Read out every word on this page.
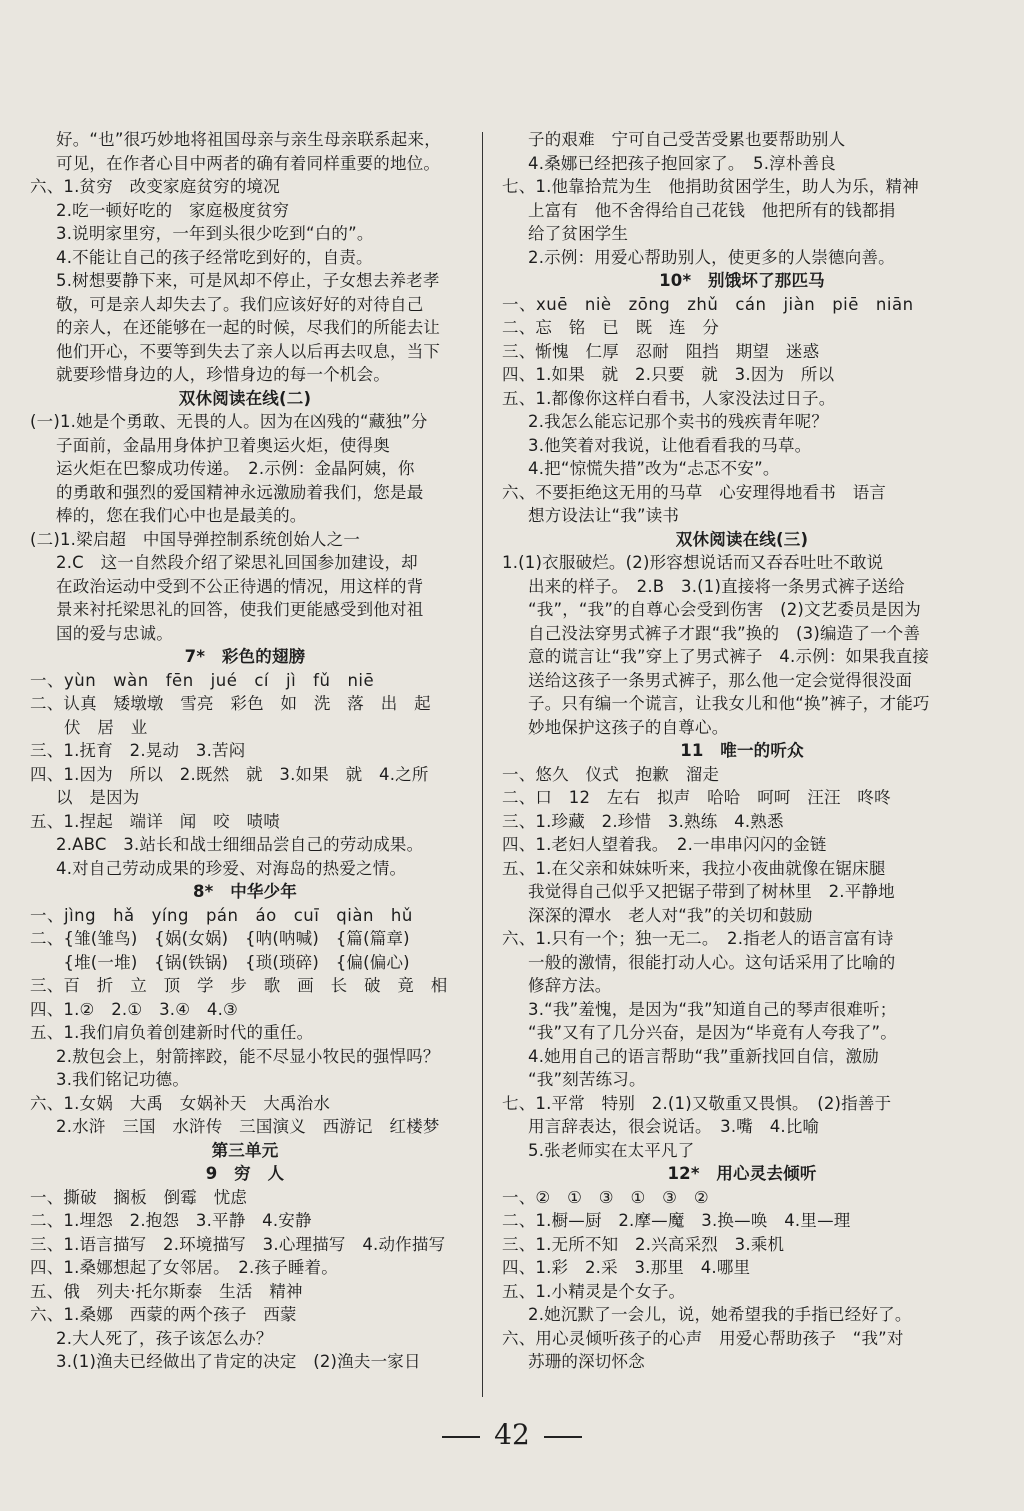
好。“也”很巧妙地将祖国母亲与亲生母亲联系起来，
可见，在作者心目中两者的确有着同样重要的地位。
六、1.贫穷　改变家庭贫穷的境况
2.吃一顿好吃的　家庭极度贫穷
3.说明家里穷，一年到头很少吃到“白的”。
4.不能让自己的孩子经常吃到好的，自责。
5.树想要静下来，可是风却不停止，子女想去养老孝
敬，可是亲人却失去了。我们应该好好的对待自己
的亲人，在还能够在一起的时候，尽我们的所能去让
他们开心，不要等到失去了亲人以后再去叹息，当下
就要珍惜身边的人，珍惜身边的每一个机会。
双休阅读在线(二)
(一)1.她是个勇敢、无畏的人。因为在凶残的“藏独”分
子面前，金晶用身体护卫着奥运火炬，使得奥
运火炬在巴黎成功传递。　2.示例：金晶阿姨，你
的勇敢和强烈的爱国精神永远激励着我们，您是最
棒的，您在我们心中也是最美的。
(二)1.梁启超　中国导弹控制系统创始人之一
2.C　这一自然段介绍了梁思礼回国参加建设，却
在政治运动中受到不公正待遇的情况，用这样的背
景来衬托梁思礼的回答，使我们更能感受到他对祖
国的爱与忠诚。
7*　彩色的翅膀
一、yùn　wàn　fēn　jué　cí　jì　fǔ　niē
二、认真　矮墩墩　雪亮　彩色　如　洗　落　出　起
伏　居　业
三、1.抚育　2.晃动　3.苦闷
四、1.因为　所以　2.既然　就　3.如果　就　4.之所
以　是因为
五、1.捏起　端详　闻　咬　啧啧
2.ABC　3.站长和战士细细品尝自己的劳动成果。
4.对自己劳动成果的珍爱、对海岛的热爱之情。
8*　中华少年
一、jìng　hǎ　yíng　pán　áo　cuī　qiàn　hǔ
二、{雏(雏鸟)　{娲(女娲)　{呐(呐喊)　{篇(篇章)
　　{堆(一堆)　{锅(铁锅)　{琐(琐碎)　{偏(偏心)
三、百　折　立　顶　学　步　歌　画　长　破　竟　相
四、1.②　2.①　3.④　4.③
五、1.我们肩负着创建新时代的重任。
2.敖包会上，射箭摔跤，能不尽显小牧民的强悍吗？
3.我们铭记功德。
六、1.女娲　大禹　女娲补天　大禹治水
2.水浒　三国　水浒传　三国演义　西游记　红楼梦
第三单元
9　穷　人
一、撕破　搁板　倒霉　忧虑
二、1.埋怨　2.抱怨　3.平静　4.安静
三、1.语言描写　2.环境描写　3.心理描写　4.动作描写
四、1.桑娜想起了女邻居。　2.孩子睡着。
五、俄　列夫·托尔斯泰　生活　精神
六、1.桑娜　西蒙的两个孩子　西蒙
2.大人死了，孩子该怎么办？
3.(1)渔夫已经做出了肯定的决定　(2)渔夫一家日
子的艰难　宁可自己受苦受累也要帮助别人
4.桑娜已经把孩子抱回家了。　5.淳朴善良
七、1.他靠拾荒为生　他捐助贫困学生，助人为乐，精神
上富有　他不舍得给自己花钱　他把所有的钱都捐
给了贫困学生
2.示例：用爱心帮助别人，使更多的人崇德向善。
10*　别饿坏了那匹马
一、xuē　niè　zōng　zhǔ　cán　jiàn　piē　niān
二、忘　铭　已　既　连　分
三、惭愧　仁厚　忍耐　阻挡　期望　迷惑
四、1.如果　就　2.只要　就　3.因为　所以
五、1.都像你这样白看书，人家没法过日子。
2.我怎么能忘记那个卖书的残疾青年呢？
3.他笑着对我说，让他看看我的马草。
4.把“惊慌失措”改为“忐忑不安”。
六、不要拒绝这无用的马草　心安理得地看书　语言
想方设法让“我”读书
双休阅读在线(三)
1.(1)衣服破烂。(2)形容想说话而又吞吞吐吐不敢说
出来的样子。　2.B　3.(1)直接将一条男式裤子送给
“我”，“我”的自尊心会受到伤害　(2)文艺委员是因为
自己没法穿男式裤子才跟“我”换的　(3)编造了一个善
意的谎言让“我”穿上了男式裤子　4.示例：如果我直接
送给这孩子一条男式裤子，那么他一定会觉得很没面
子。只有编一个谎言，让我女儿和他“换”裤子，才能巧
妙地保护这孩子的自尊心。
11　唯一的听众
一、悠久　仪式　抱歉　溜走
二、口　12　左右　拟声　哈哈　呵呵　汪汪　咚咚
三、1.珍藏　2.珍惜　3.熟练　4.熟悉
四、1.老妇人望着我。　2.一串串闪闪的金链
五、1.在父亲和妹妹听来，我拉小夜曲就像在锯床腿
我觉得自己似乎又把锯子带到了树林里　2.平静地
深深的潭水　老人对“我”的关切和鼓励
六、1.只有一个；独一无二。　2.指老人的语言富有诗
一般的激情，很能打动人心。这句话采用了比喻的
修辞方法。
3.“我”羞愧，是因为“我”知道自己的琴声很难听；
“我”又有了几分兴奋，是因为“毕竟有人夸我了”。
4.她用自己的语言帮助“我”重新找回自信，激励
“我”刻苦练习。
七、1.平常　特别　2.(1)又敬重又畏惧。　(2)指善于
用言辞表达，很会说话。　3.嘴　4.比喻
5.张老师实在太平凡了
12*　用心灵去倾听
一、②　①　③　①　③　②
二、1.橱—厨　2.摩—魔　3.换—唤　4.里—理
三、1.无所不知　2.兴高采烈　3.乘机
四、1.彩　2.采　3.那里　4.哪里
五、1.小精灵是个女子。
2.她沉默了一会儿，说，她希望我的手指已经好了。
六、用心灵倾听孩子的心声　用爱心帮助孩子　“我”对
苏珊的深切怀念
42
